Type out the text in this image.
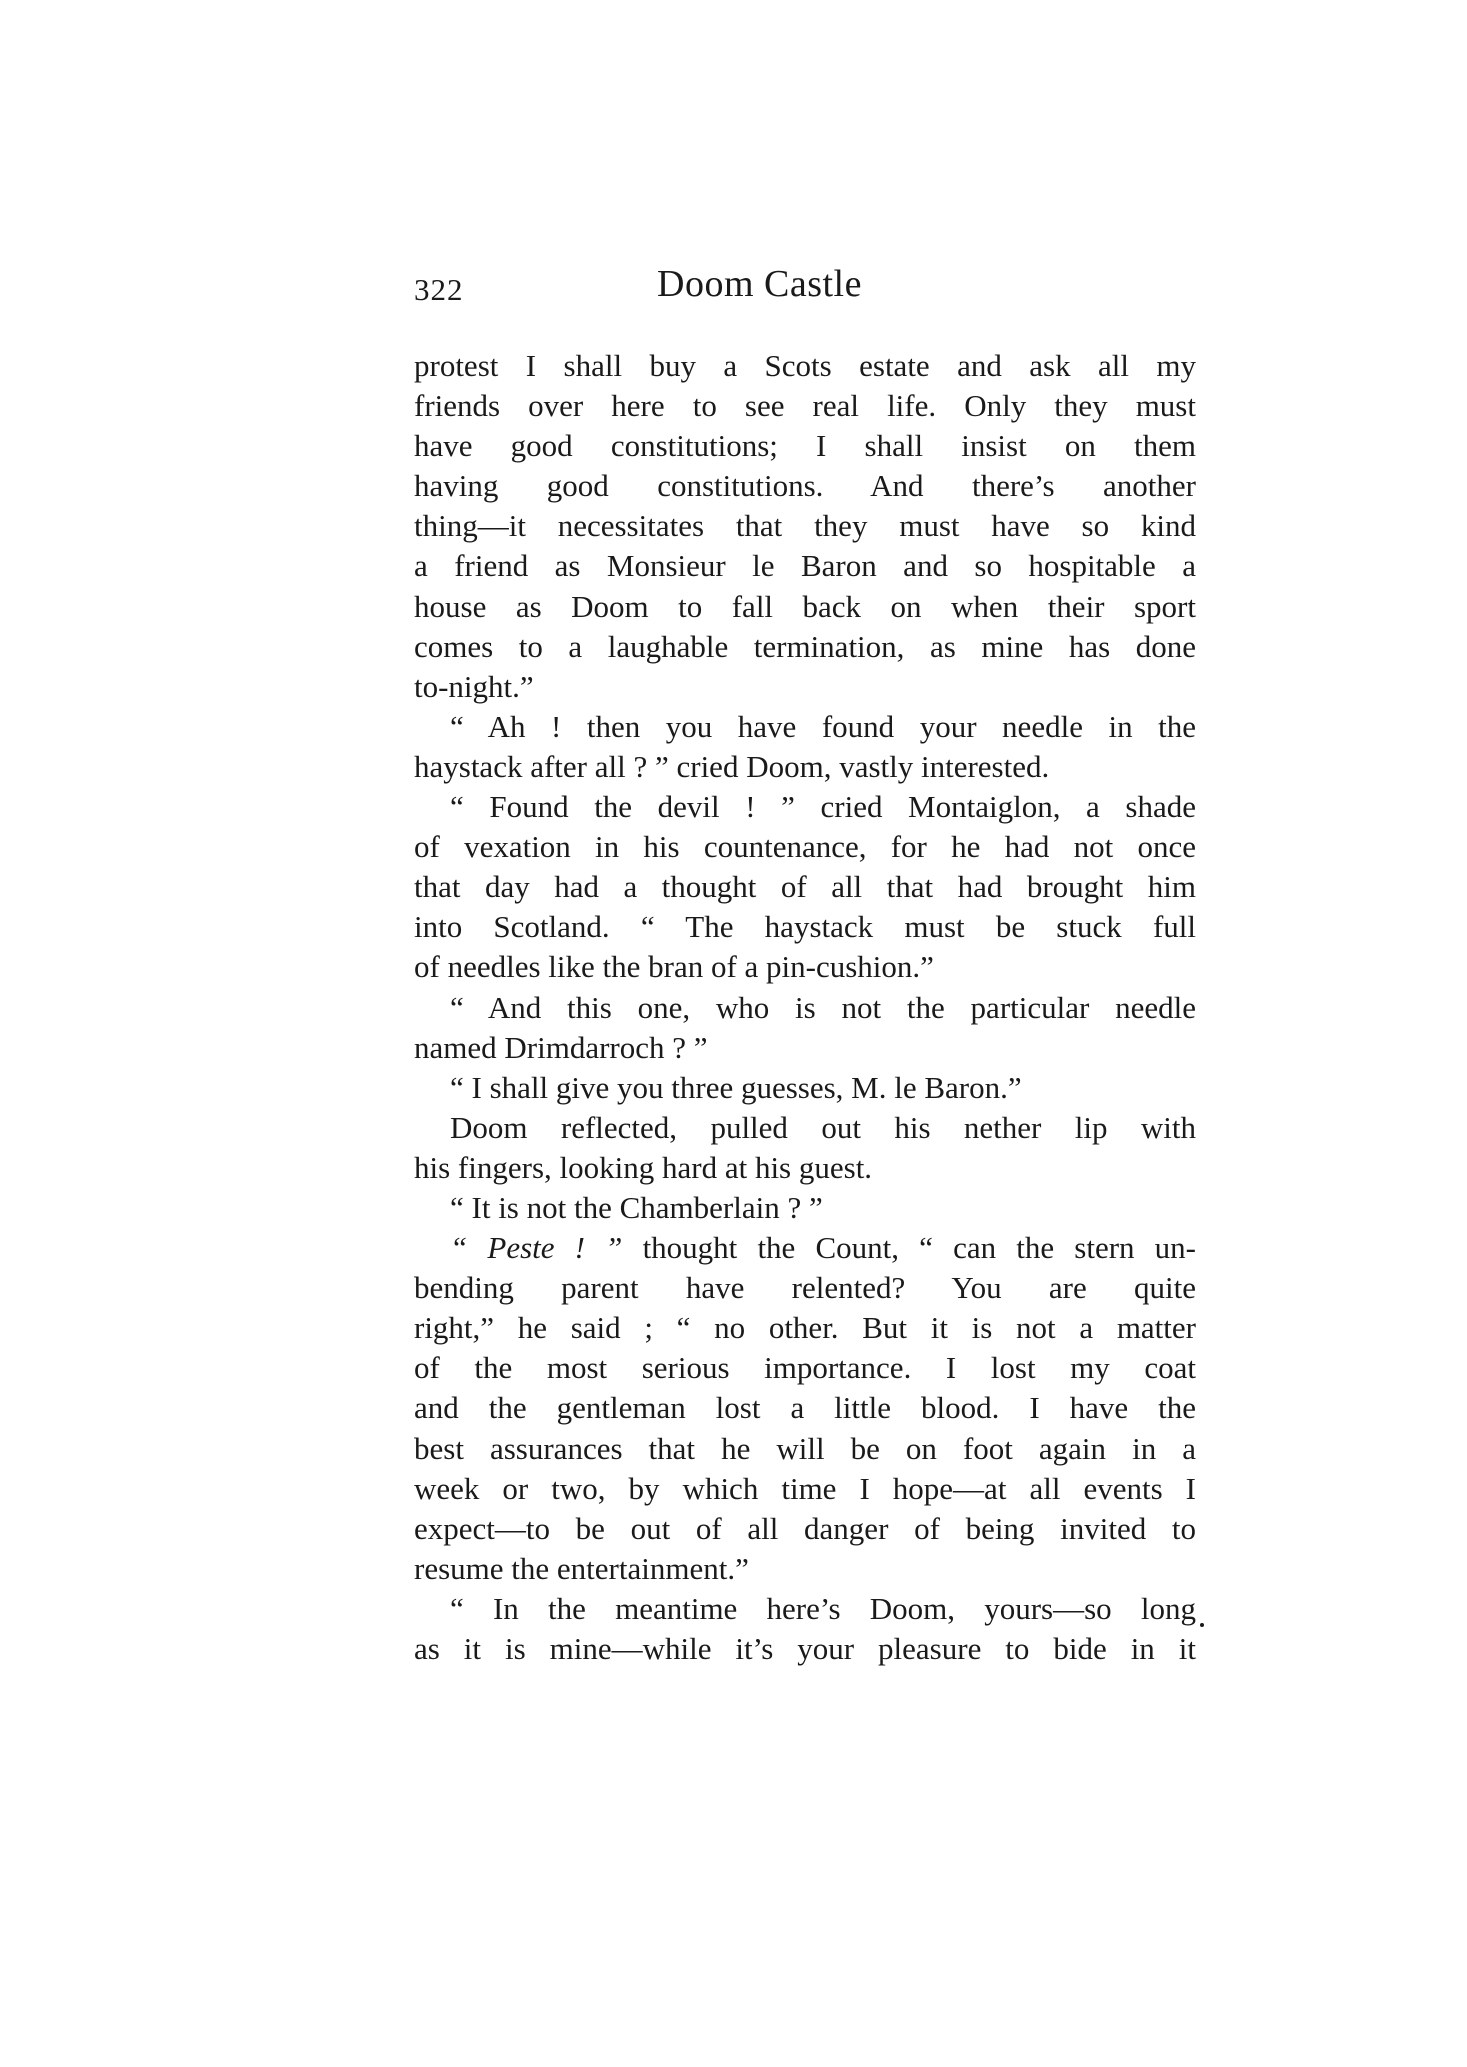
322	Doom Castle
protest I shall buy a Scots estate and ask all my
friends over here to see real life. Only they must
have good constitutions; I shall insist on them
having good constitutions. And there’s another
thing—it necessitates that they must have so kind
a friend as Monsieur le Baron and so hospitable a
house as Doom to fall back on when their sport
comes to a laughable termination, as mine has done
to-night.”
“ Ah ! then you have found your needle in the
haystack after all ? ” cried Doom, vastly interested.
“ Found the devil ! ” cried Montaiglon, a shade
of vexation in his countenance, for he had not once
that day had a thought of all that had brought him
into Scotland. “ The haystack must be stuck full
of needles like the bran of a pin-cushion.”
“ And this one, who is not the particular needle
named Drimdarroch ? ”
“ I shall give you three guesses, M. le Baron.”
Doom reflected, pulled out his nether lip with
his fingers, looking hard at his guest.
“ It is not the Chamberlain ? ”
“ Peste ! ” thought the Count, “ can the stern un-
bending parent have relented? You are quite
right,” he said ; “ no other. But it is not a matter
of the most serious importance. I lost my coat
and the gentleman lost a little blood. I have the
best assurances that he will be on foot again in a
week or two, by which time I hope—at all events I
expect—to be out of all danger of being invited to
resume the entertainment.”
“ In the meantime here’s Doom, yours—so long
as it is mine—while it’s your pleasure to bide in it
